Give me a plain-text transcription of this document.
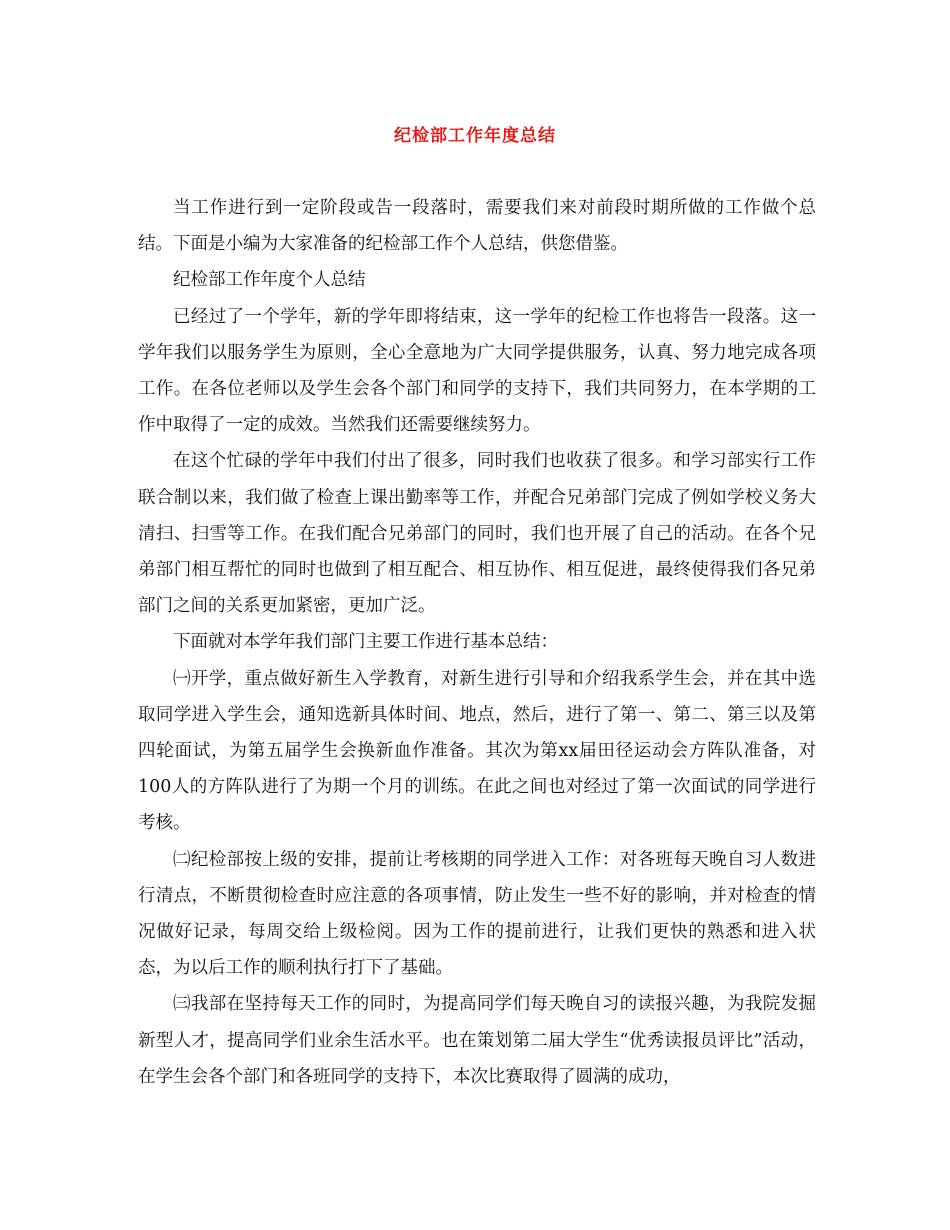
纪检部工作年度总结

当工作进行到一定阶段或告一段落时，需要我们来对前段时期所做的工作做个总结。下面是小编为大家准备的纪检部工作个人总结，供您借鉴。

纪检部工作年度个人总结

已经过了一个学年，新的学年即将结束，这一学年的纪检工作也将告一段落。这一学年我们以服务学生为原则，全心全意地为广大同学提供服务，认真、努力地完成各项工作。在各位老师以及学生会各个部门和同学的支持下，我们共同努力，在本学期的工作中取得了一定的成效。当然我们还需要继续努力。

在这个忙碌的学年中我们付出了很多，同时我们也收获了很多。和学习部实行工作联合制以来，我们做了检查上课出勤率等工作，并配合兄弟部门完成了例如学校义务大清扫、扫雪等工作。在我们配合兄弟部门的同时，我们也开展了自己的活动。在各个兄弟部门相互帮忙的同时也做到了相互配合、相互协作、相互促进，最终使得我们各兄弟部门之间的关系更加紧密，更加广泛。

下面就对本学年我们部门主要工作进行基本总结：

㈠开学，重点做好新生入学教育，对新生进行引导和介绍我系学生会，并在其中选取同学进入学生会，通知选新具体时间、地点，然后，进行了第一、第二、第三以及第四轮面试，为第五届学生会换新血作准备。其次为第xx届田径运动会方阵队准备，对100人的方阵队进行了为期一个月的训练。在此之间也对经过了第一次面试的同学进行考核。

㈡纪检部按上级的安排，提前让考核期的同学进入工作：对各班每天晚自习人数进行清点，不断贯彻检查时应注意的各项事情，防止发生一些不好的影响，并对检查的情况做好记录，每周交给上级检阅。因为工作的提前进行，让我们更快的熟悉和进入状态，为以后工作的顺利执行打下了基础。

㈢我部在坚持每天工作的同时，为提高同学们每天晚自习的读报兴趣，为我院发掘新型人才，提高同学们业余生活水平。也在策划第二届大学生“优秀读报员评比”活动，在学生会各个部门和各班同学的支持下，本次比赛取得了圆满的成功，
